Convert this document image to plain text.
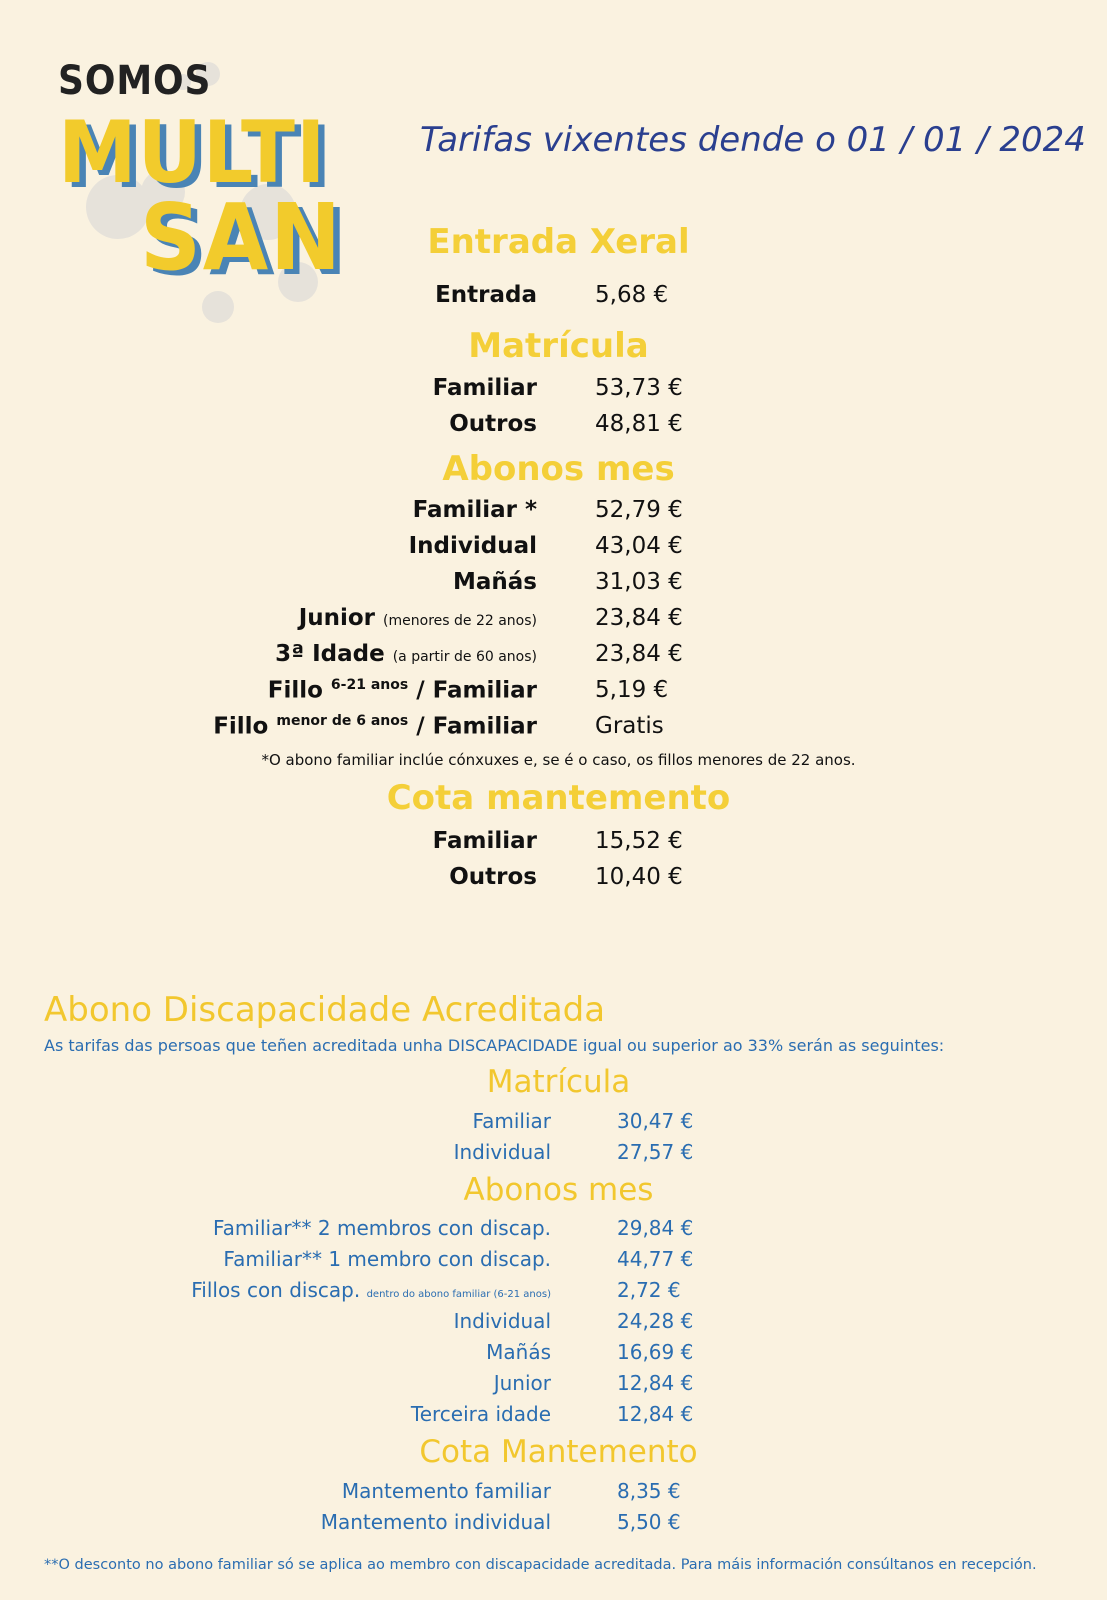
SOMOS
MULTI
SAN
Tarifas vixentes dende o 01 / 01 / 2024
Entrada Xeral
Entrada	5,68 €
Matrícula
Familiar	53,73 €
Outros	48,81 €
Abonos mes
Familiar *	52,79 €
Individual	43,04 €
Mañás	31,03 €
Junior (menores de 22 anos)	23,84 €
3ª Idade (a partir de 60 anos)	23,84 €
Fillo $^{6-21 anos}$ / Familiar	5,19 €
Fillo $^{menor de 6 anos}$ / Familiar	Gratis
*O abono familiar inclúe cónxuxes e, se é o caso, os fillos menores de 22 anos.
Cota mantemento
Familiar	15,52 €
Outros	10,40 €
Abono Discapacidade Acreditada
As tarifas das persoas que teñen acreditada unha DISCAPACIDADE igual ou superior ao 33% serán as seguintes:
Matrícula
Familiar	30,47 €
Individual	27,57 €
Abonos mes
Familiar** 2 membros con discap.	29,84 €
Familiar** 1 membro con discap.	44,77 €
Fillos con discap. dentro do abono familiar (6-21 anos)	2,72 €
Individual	24,28 €
Mañás	16,69 €
Junior	12,84 €
Terceira idade	12,84 €
Cota Mantemento
Mantemento familiar	8,35 €
Mantemento individual	5,50 €
**O desconto no abono familiar só se aplica ao membro con discapacidade acreditada. Para máis información consúltanos en recepción.
